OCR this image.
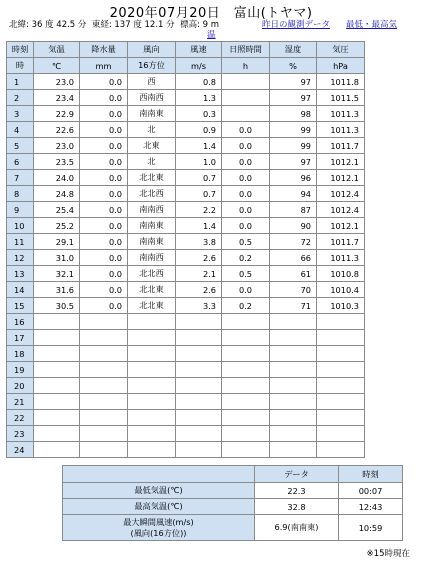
2020年07月20日　富山(トヤマ)
北緯: 36 度 42.5 分 東経: 137 度 12.1 分 標高: 9 m	昨日の観測データ 最低・最高気
温
時刻	気温	降水量	風向	風速	日照時間	湿度	気圧
時	℃	mm	16方位	m/s	h	%	hPa
1	23.0	0.0	西	0.8		97	1011.8
2	23.4	0.0	西南西	1.3		97	1011.5
3	22.9	0.0	南南東	0.3		98	1011.3
4	22.6	0.0	北	0.9	0.0	99	1011.3
5	23.0	0.0	北東	1.4	0.0	99	1011.7
6	23.5	0.0	北	1.0	0.0	97	1012.1
7	24.0	0.0	北北東	0.7	0.0	96	1012.1
8	24.8	0.0	北北西	0.7	0.0	94	1012.4
9	25.4	0.0	南南西	2.2	0.0	87	1012.4
10	25.2	0.0	南南東	1.4	0.0	90	1012.1
11	29.1	0.0	南南東	3.8	0.5	72	1011.7
12	31.0	0.0	南南西	2.6	0.2	66	1011.3
13	32.1	0.0	北北西	2.1	0.5	61	1010.8
14	31.6	0.0	北北東	2.6	0.0	70	1010.4
15	30.5	0.0	北北東	3.3	0.2	71	1010.3
16							
17							
18							
19							
20							
21							
22							
23							
24							
	データ	時刻
最低気温(℃)	22.3	00:07
最高気温(℃)	32.8	12:43

最大瞬間風速(m/s)
(風向(16方位))	6.9(南南東)	10:59
※15時現在
